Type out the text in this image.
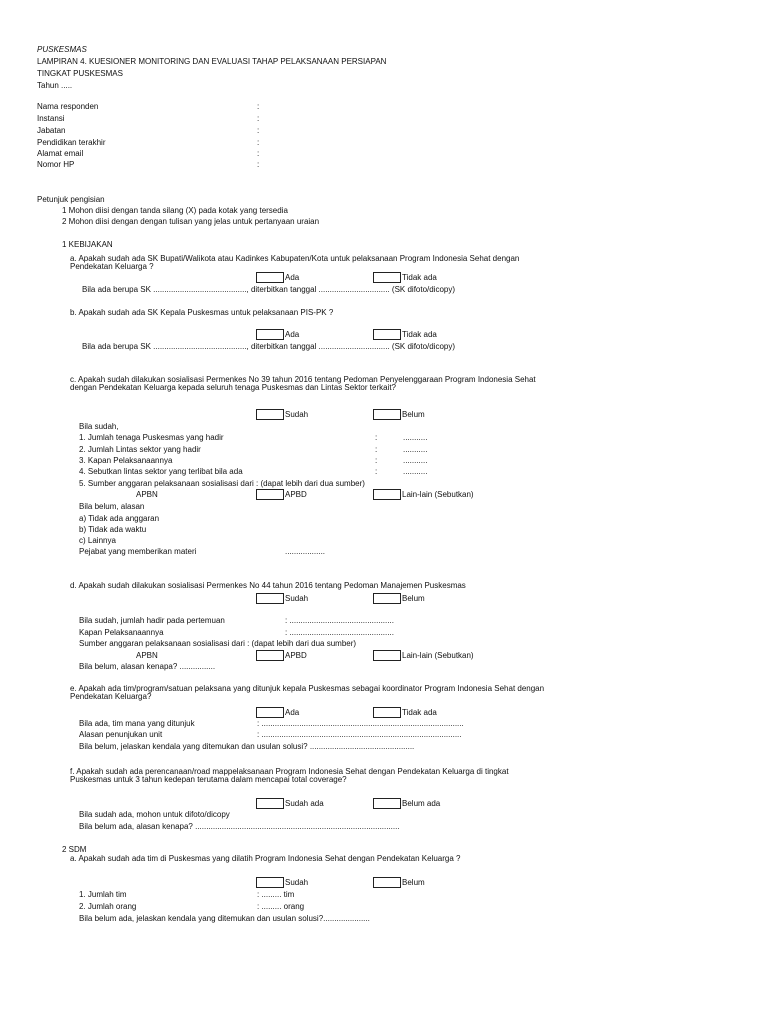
PUSKESMAS
LAMPIRAN 4. KUESIONER MONITORING DAN EVALUASI TAHAP PELAKSANAAN PERSIAPAN
TINGKAT PUSKESMAS
Tahun .....
Nama responden	:
Instansi	:
Jabatan	:
Pendidikan terakhir	:
Alamat email	:
Nomor HP	:
Petunjuk pengisian
1 Mohon diisi dengan tanda silang (X) pada kotak yang tersedia
2 Mohon diisi dengan dengan tulisan yang jelas untuk pertanyaan uraian
1 KEBIJAKAN
a. Apakah sudah ada SK Bupati/Walikota atau Kadinkes Kabupaten/Kota untuk pelaksanaan Program Indonesia Sehat dengan
Pendekatan Keluarga ?
Ada	Tidak ada
Bila ada berupa SK .........................................., diterbitkan tanggal ................................ (SK difoto/dicopy)
b. Apakah sudah ada SK Kepala Puskesmas untuk pelaksanaan PIS-PK ?
Ada	Tidak ada
Bila ada berupa SK .........................................., diterbitkan tanggal ................................ (SK difoto/dicopy)
c. Apakah sudah dilakukan sosialisasi Permenkes No 39 tahun 2016 tentang Pedoman Penyelenggaraan Program Indonesia Sehat
dengan Pendekatan Keluarga kepada seluruh tenaga Puskesmas dan Lintas Sektor terkait?
Sudah	Belum
Bila sudah,
1. Jumlah tenaga Puskesmas yang hadir	:	...........
2. Jumlah Lintas sektor yang hadir	:	...........
3. Kapan Pelaksanaannya	:	...........
4. Sebutkan lintas sektor yang terlibat bila ada	:	...........
5. Sumber anggaran pelaksanaan sosialisasi dari : (dapat lebih dari dua sumber)
APBN	APBD	Lain-lain (Sebutkan)
Bila belum, alasan
a) Tidak ada anggaran
b) Tidak ada waktu
c) Lainnya
Pejabat yang memberikan materi	..................
d. Apakah sudah dilakukan sosialisasi Permenkes No 44 tahun 2016 tentang Pedoman Manajemen Puskesmas
Sudah	Belum
Bila sudah, jumlah hadir pada pertemuan	: ...............................................
Kapan Pelaksanaannya	: ...............................................
Sumber anggaran pelaksanaan sosialisasi dari : (dapat lebih dari dua sumber)
APBN	APBD	Lain-lain (Sebutkan)
Bila belum, alasan kenapa? ................
e. Apakah ada tim/program/satuan pelaksana yang ditunjuk kepala Puskesmas sebagai koordinator Program Indonesia Sehat dengan
Pendekatan Keluarga?
Ada	Tidak ada
Bila ada, tim mana yang ditunjuk	: ...........................................................................................
Alasan penunjukan unit	: ..........................................................................................
Bila belum, jelaskan kendala yang ditemukan dan usulan solusi? ...............................................
f. Apakah sudah ada perencanaan/road mappelaksanaan Program Indonesia Sehat dengan Pendekatan Keluarga di tingkat
Puskesmas untuk 3 tahun kedepan terutama dalam mencapai total coverage?
Sudah ada	Belum ada
Bila sudah ada, mohon untuk difoto/dicopy
Bila belum ada, alasan kenapa? ............................................................................................
2 SDM
a. Apakah sudah ada tim di Puskesmas yang dilatih Program Indonesia Sehat dengan Pendekatan Keluarga ?
Sudah	Belum
1. Jumlah tim	: ......... tim
2. Jumlah orang	: ......... orang
Bila belum ada, jelaskan kendala yang ditemukan dan usulan solusi?.....................
